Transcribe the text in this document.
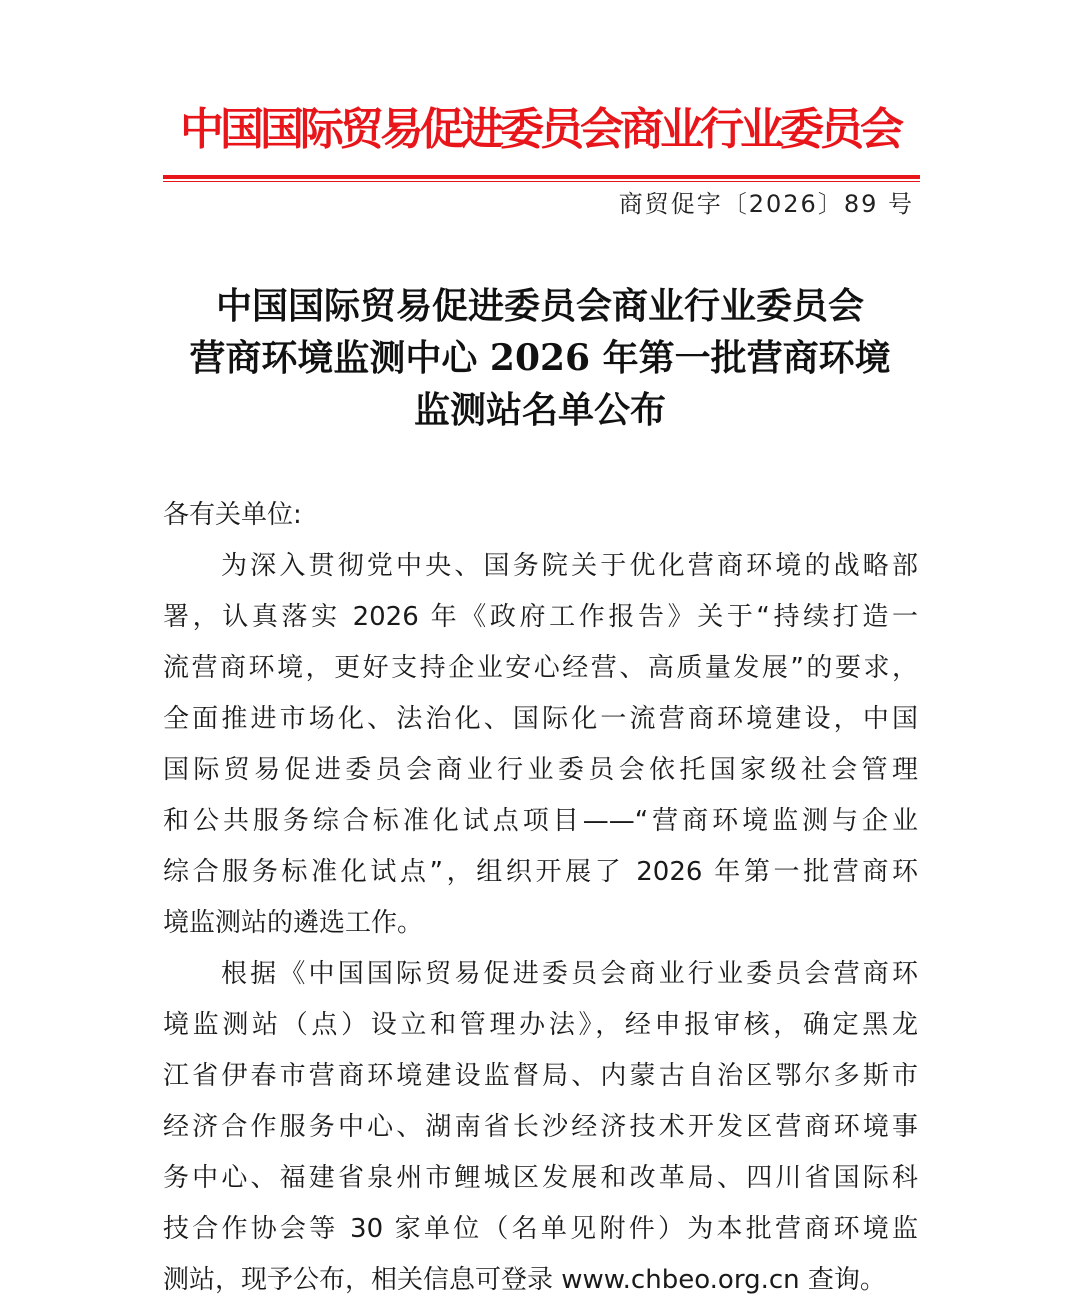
中国国际贸易促进委员会商业行业委员会
商贸促字〔2026〕89 号
中国国际贸易促进委员会商业行业委员会
营商环境监测中心 2026 年第一批营商环境
监测站名单公布
各有关单位:
为深入贯彻党中央、国务院关于优化营商环境的战略部
署，认真落实 2026 年《政府工作报告》关于“持续打造一
流营商环境，更好支持企业安心经营、高质量发展”的要求，
全面推进市场化、法治化、国际化一流营商环境建设，中国
国际贸易促进委员会商业行业委员会依托国家级社会管理
和公共服务综合标准化试点项目——“营商环境监测与企业
综合服务标准化试点”，组织开展了 2026 年第一批营商环
境监测站的遴选工作。
根据《中国国际贸易促进委员会商业行业委员会营商环
境监测站（点）设立和管理办法》，经申报审核，确定黑龙
江省伊春市营商环境建设监督局、内蒙古自治区鄂尔多斯市
经济合作服务中心、湖南省长沙经济技术开发区营商环境事
务中心、福建省泉州市鲤城区发展和改革局、四川省国际科
技合作协会等 30 家单位（名单见附件）为本批营商环境监
测站，现予公布，相关信息可登录 www.chbeo.org.cn 查询。
